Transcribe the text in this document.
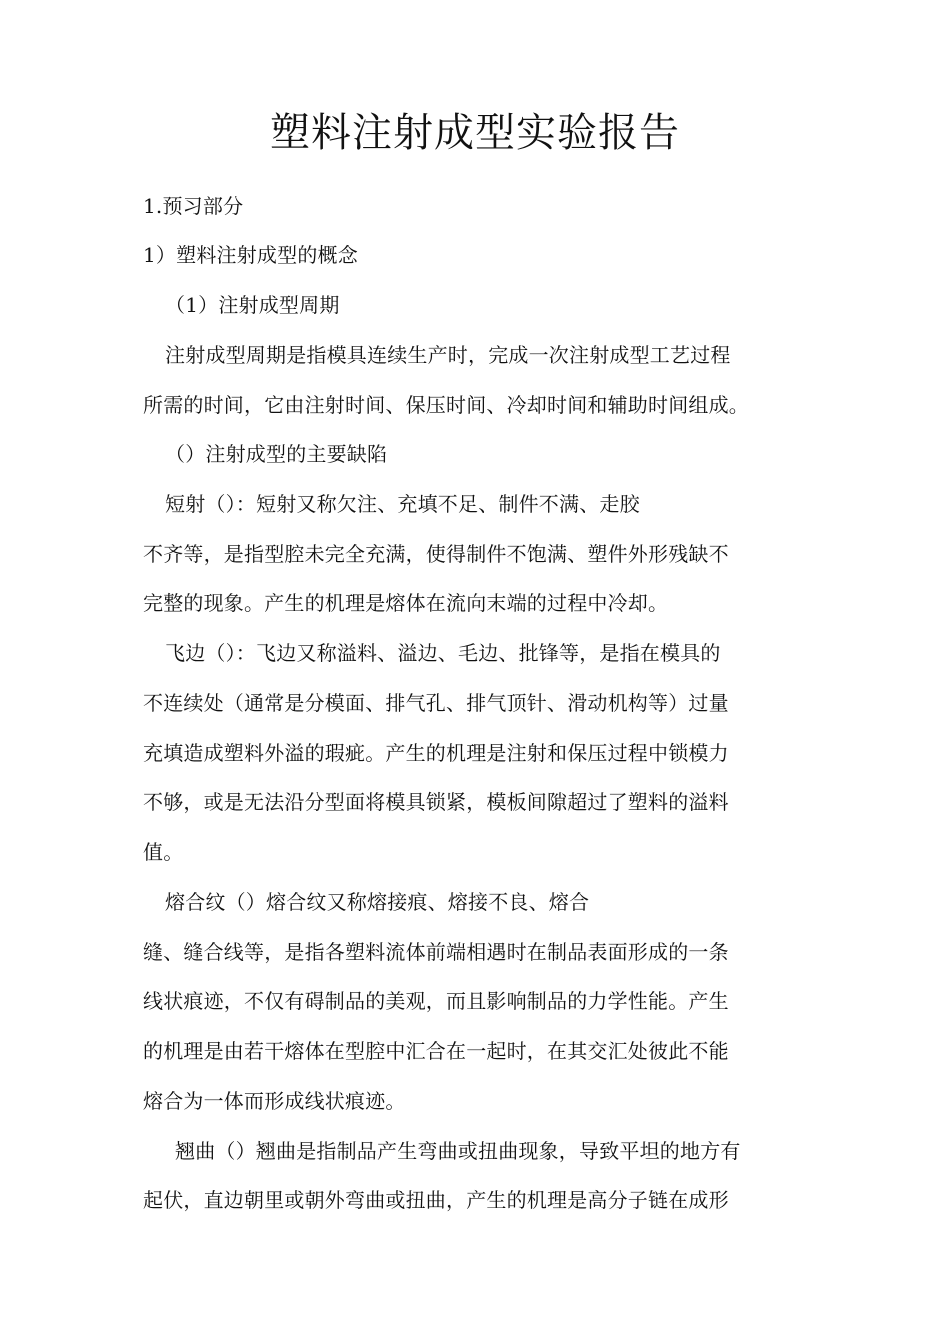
塑料注射成型实验报告
1.预习部分
1）塑料注射成型的概念
（1）注射成型周期
注射成型周期是指模具连续生产时，完成一次注射成型工艺过程
所需的时间，它由注射时间、保压时间、冷却时间和辅助时间组成。
（）注射成型的主要缺陷
短射（）：短射又称欠注、充填不足、制件不满、走胶
不齐等，是指型腔未完全充满，使得制件不饱满、塑件外形残缺不
完整的现象。产生的机理是熔体在流向末端的过程中冷却。
飞边（）：飞边又称溢料、溢边、毛边、批锋等，是指在模具的
不连续处（通常是分模面、排气孔、排气顶针、滑动机构等）过量
充填造成塑料外溢的瑕疵。产生的机理是注射和保压过程中锁模力
不够，或是无法沿分型面将模具锁紧，模板间隙超过了塑料的溢料
值。
熔合纹（）熔合纹又称熔接痕、熔接不良、熔合
缝、缝合线等，是指各塑料流体前端相遇时在制品表面形成的一条
线状痕迹，不仅有碍制品的美观，而且影响制品的力学性能。产生
的机理是由若干熔体在型腔中汇合在一起时，在其交汇处彼此不能
熔合为一体而形成线状痕迹。
翘曲（）翘曲是指制品产生弯曲或扭曲现象，导致平坦的地方有
起伏，直边朝里或朝外弯曲或扭曲，产生的机理是高分子链在成形
